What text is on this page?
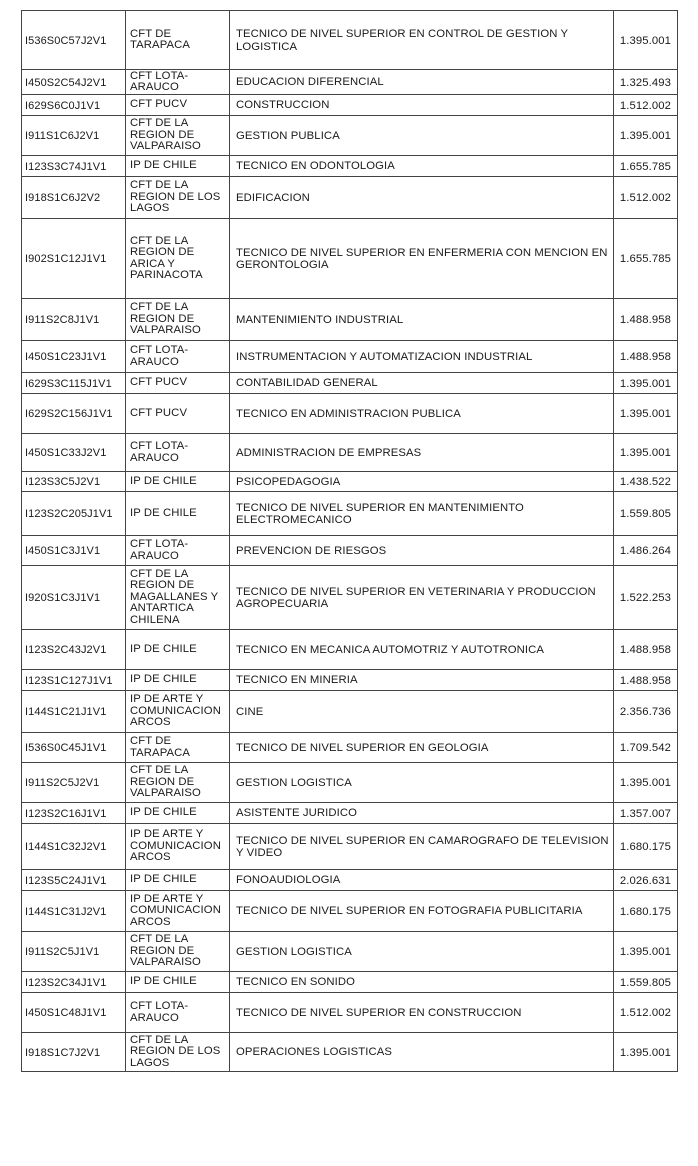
I536S0C57J2V1	CFT DE TARAPACA	TECNICO DE NIVEL SUPERIOR EN CONTROL DE GESTION Y LOGISTICA	1.395.001
I450S2C54J2V1	CFT LOTA-ARAUCO	EDUCACION DIFERENCIAL	1.325.493
I629S6C0J1V1	CFT PUCV	CONSTRUCCION	1.512.002
I911S1C6J2V1	CFT DE LA REGION DE VALPARAISO	GESTION PUBLICA	1.395.001
I123S3C74J1V1	IP DE CHILE	TECNICO EN ODONTOLOGIA	1.655.785
I918S1C6J2V2	CFT DE LA REGION DE LOS LAGOS	EDIFICACION	1.512.002
I902S1C12J1V1	CFT DE LA REGION DE ARICA Y PARINACOTA	TECNICO DE NIVEL SUPERIOR EN ENFERMERIA CON MENCION EN GERONTOLOGIA	1.655.785
I911S2C8J1V1	CFT DE LA REGION DE VALPARAISO	MANTENIMIENTO INDUSTRIAL	1.488.958
I450S1C23J1V1	CFT LOTA-ARAUCO	INSTRUMENTACION Y AUTOMATIZACION INDUSTRIAL	1.488.958
I629S3C115J1V1	CFT PUCV	CONTABILIDAD GENERAL	1.395.001
I629S2C156J1V1	CFT PUCV	TECNICO EN ADMINISTRACION PUBLICA	1.395.001
I450S1C33J2V1	CFT LOTA-ARAUCO	ADMINISTRACION DE EMPRESAS	1.395.001
I123S3C5J2V1	IP DE CHILE	PSICOPEDAGOGIA	1.438.522
I123S2C205J1V1	IP DE CHILE	TECNICO DE NIVEL SUPERIOR EN MANTENIMIENTO ELECTROMECANICO	1.559.805
I450S1C3J1V1	CFT LOTA-ARAUCO	PREVENCION DE RIESGOS	1.486.264
I920S1C3J1V1	CFT DE LA REGION DE MAGALLANES Y ANTARTICA CHILENA	TECNICO DE NIVEL SUPERIOR EN VETERINARIA Y PRODUCCION AGROPECUARIA	1.522.253
I123S2C43J2V1	IP DE CHILE	TECNICO EN MECANICA AUTOMOTRIZ Y AUTOTRONICA	1.488.958
I123S1C127J1V1	IP DE CHILE	TECNICO EN MINERIA	1.488.958
I144S1C21J1V1	IP DE ARTE Y COMUNICACION ARCOS	CINE	2.356.736
I536S0C45J1V1	CFT DE TARAPACA	TECNICO DE NIVEL SUPERIOR EN GEOLOGIA	1.709.542
I911S2C5J2V1	CFT DE LA REGION DE VALPARAISO	GESTION LOGISTICA	1.395.001
I123S2C16J1V1	IP DE CHILE	ASISTENTE JURIDICO	1.357.007
I144S1C32J2V1	IP DE ARTE Y COMUNICACION ARCOS	TECNICO DE NIVEL SUPERIOR EN CAMAROGRAFO DE TELEVISION Y VIDEO	1.680.175
I123S5C24J1V1	IP DE CHILE	FONOAUDIOLOGIA	2.026.631
I144S1C31J2V1	IP DE ARTE Y COMUNICACION ARCOS	TECNICO DE NIVEL SUPERIOR EN FOTOGRAFIA PUBLICITARIA	1.680.175
I911S2C5J1V1	CFT DE LA REGION DE VALPARAISO	GESTION LOGISTICA	1.395.001
I123S2C34J1V1	IP DE CHILE	TECNICO EN SONIDO	1.559.805
I450S1C48J1V1	CFT LOTA-ARAUCO	TECNICO DE NIVEL SUPERIOR EN CONSTRUCCION	1.512.002
I918S1C7J2V1	CFT DE LA REGION DE LOS LAGOS	OPERACIONES LOGISTICAS	1.395.001
